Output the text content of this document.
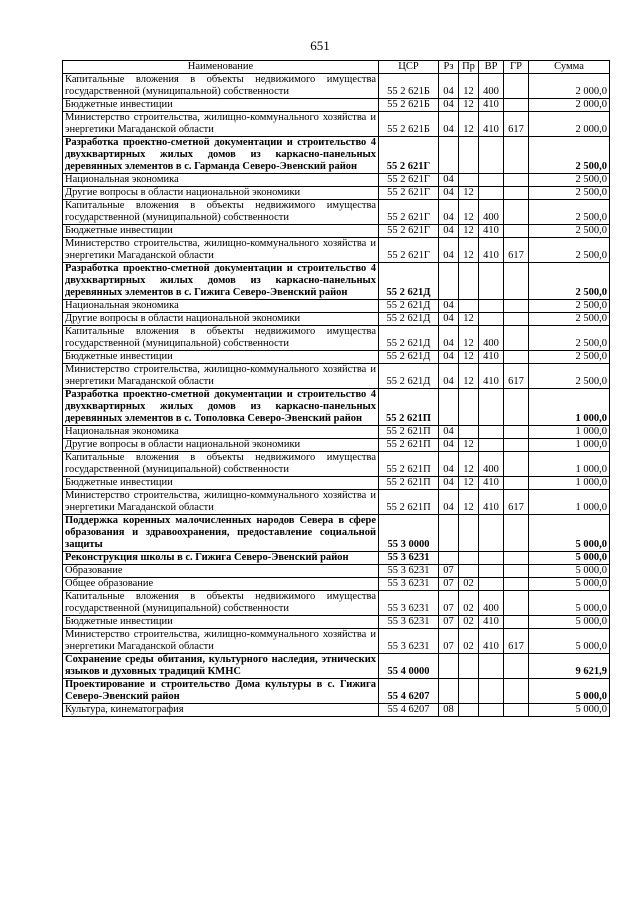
651
Наименование	ЦСР	Рз	Пр	ВР	ГР	Сумма
Капитальные вложения в объекты недвижимого имущества государственной (муниципальной) собственности	55 2 621Б	04	12	400		2 000,0
Бюджетные инвестиции	55 2 621Б	04	12	410		2 000,0
Министерство строительства, жилищно-коммунального хозяйства и энергетики Магаданской области	55 2 621Б	04	12	410	617	2 000,0
Разработка проектно-сметной документации и строительство 4 двухквартирных жилых домов из каркасно-панельных деревянных элементов в с. Гарманда Северо-Эвенский район	55 2 621Г					2 500,0
Национальная экономика	55 2 621Г	04				2 500,0
Другие вопросы в области национальной экономики	55 2 621Г	04	12			2 500,0
Капитальные вложения в объекты недвижимого имущества государственной (муниципальной) собственности	55 2 621Г	04	12	400		2 500,0
Бюджетные инвестиции	55 2 621Г	04	12	410		2 500,0
Министерство строительства, жилищно-коммунального хозяйства и энергетики Магаданской области	55 2 621Г	04	12	410	617	2 500,0
Разработка проектно-сметной документации и строительство 4 двухквартирных жилых домов из каркасно-панельных деревянных элементов в с. Гижига Северо-Эвенский район	55 2 621Д					2 500,0
Национальная экономика	55 2 621Д	04				2 500,0
Другие вопросы в области национальной экономики	55 2 621Д	04	12			2 500,0
Капитальные вложения в объекты недвижимого имущества государственной (муниципальной) собственности	55 2 621Д	04	12	400		2 500,0
Бюджетные инвестиции	55 2 621Д	04	12	410		2 500,0
Министерство строительства, жилищно-коммунального хозяйства и энергетики Магаданской области	55 2 621Д	04	12	410	617	2 500,0
Разработка проектно-сметной документации и строительство 4 двухквартирных жилых домов из каркасно-панельных деревянных элементов в с. Тополовка Северо-Эвенский район	55 2 621П					1 000,0
Национальная экономика	55 2 621П	04				1 000,0
Другие вопросы в области национальной экономики	55 2 621П	04	12			1 000,0
Капитальные вложения в объекты недвижимого имущества государственной (муниципальной) собственности	55 2 621П	04	12	400		1 000,0
Бюджетные инвестиции	55 2 621П	04	12	410		1 000,0
Министерство строительства, жилищно-коммунального хозяйства и энергетики Магаданской области	55 2 621П	04	12	410	617	1 000,0
Поддержка коренных малочисленных народов Севера в сфере образования и здравоохранения, предоставление социальной защиты	55 3 0000					5 000,0
Реконструкция школы в с. Гижига Северо-Эвенский район	55 3 6231					5 000,0
Образование	55 3 6231	07				5 000,0
Общее образование	55 3 6231	07	02			5 000,0
Капитальные вложения в объекты недвижимого имущества государственной (муниципальной) собственности	55 3 6231	07	02	400		5 000,0
Бюджетные инвестиции	55 3 6231	07	02	410		5 000,0
Министерство строительства, жилищно-коммунального хозяйства и энергетики Магаданской области	55 3 6231	07	02	410	617	5 000,0
Сохранение среды обитания, культурного наследия, этнических языков и духовных традиций КМНС	55 4 0000					9 621,9
Проектирование и строительство Дома культуры в с. Гижига Северо-Эвенский район	55 4 6207					5 000,0
Культура, кинематография	55 4 6207	08				5 000,0
